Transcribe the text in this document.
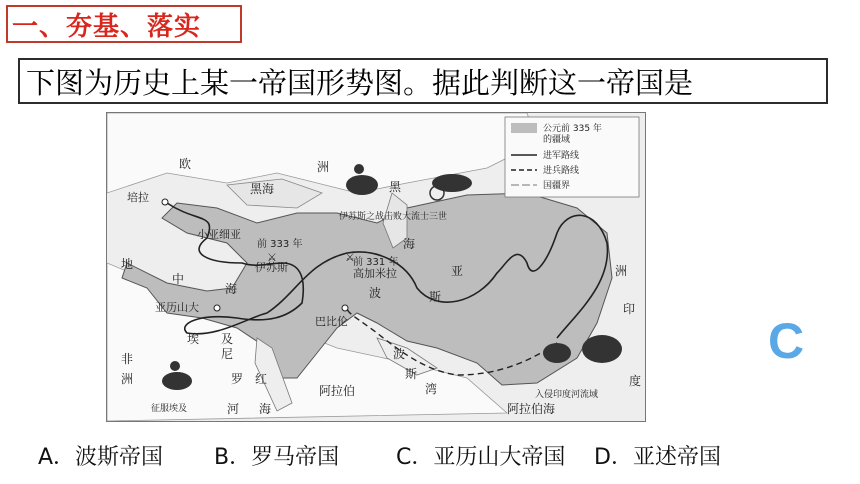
一、夯基、落实
下图为历史上某一帝国形势图。据此判断这一帝国是
公元前 335 年
的疆域
进军路线
进兵路线
国疆界
⚔	⚔
欧	洲
黑海	黑
海
培拉
小亚细亚
前 333 年
伊苏斯	前 331 年
高加米拉
地
中
海
亚历山大
巴比伦
波	斯
亚
埃 及
尼
罗
河
红
海
非
洲
阿拉伯
波
斯
湾
阿拉伯海
洲
印
度
伊苏斯之战击败大流士三世
入侵印度河流域
征服埃及
C
A．波斯帝国 B．罗马帝国	C．亚历山大帝国 D．亚述帝国
